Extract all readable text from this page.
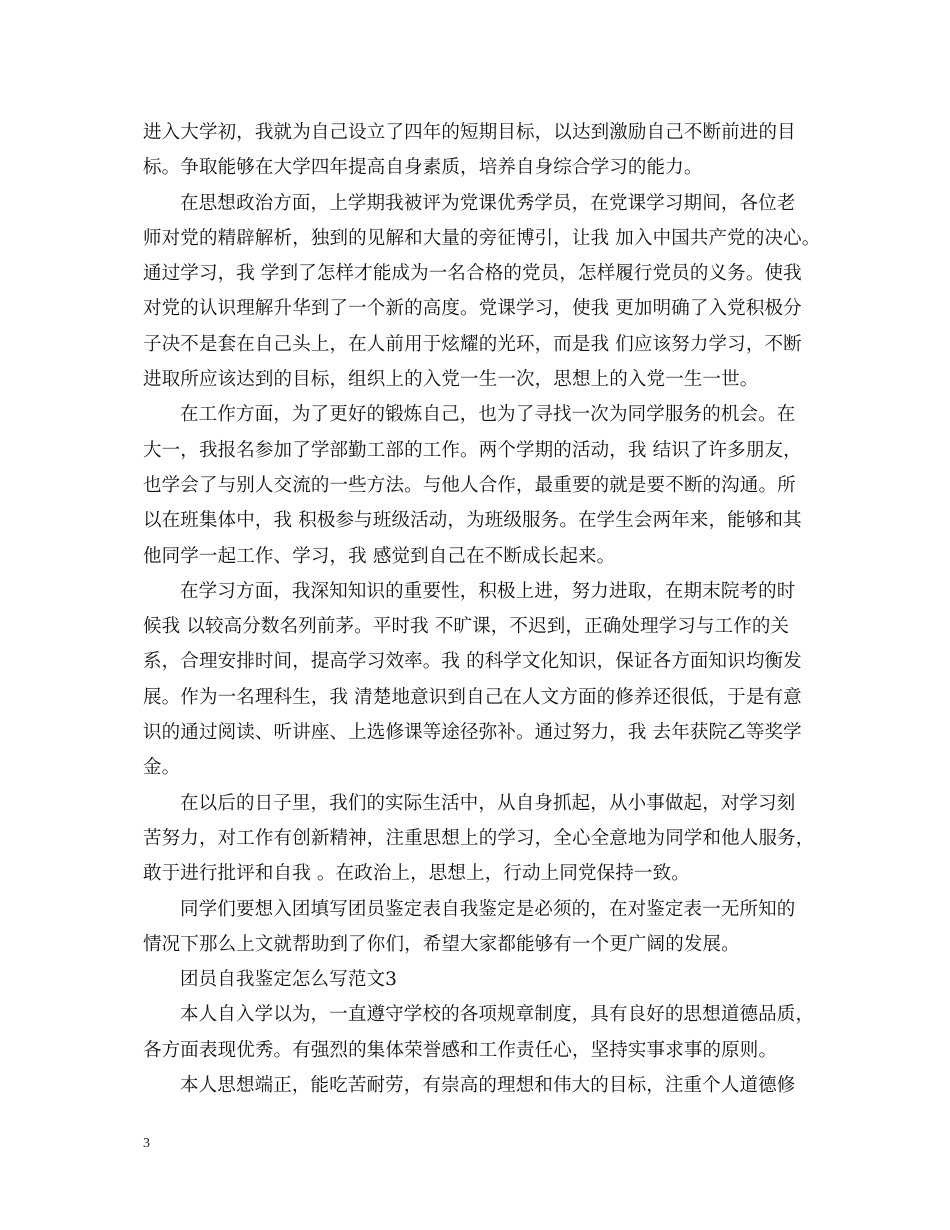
进入大学初，我就为自己设立了四年的短期目标，以达到激励自己不断前进的目
标。争取能够在大学四年提高自身素质，培养自身综合学习的能力。
在思想政治方面，上学期我被评为党课优秀学员，在党课学习期间，各位老
师对党的精辟解析，独到的见解和大量的旁征博引，让我 加入中国共产党的决心。
通过学习，我 学到了怎样才能成为一名合格的党员，怎样履行党员的义务。使我
对党的认识理解升华到了一个新的高度。党课学习，使我 更加明确了入党积极分
子决不是套在自己头上，在人前用于炫耀的光环，而是我 们应该努力学习，不断
进取所应该达到的目标，组织上的入党一生一次，思想上的入党一生一世。
在工作方面，为了更好的锻炼自己，也为了寻找一次为同学服务的机会。在
大一，我报名参加了学部勤工部的工作。两个学期的活动，我 结识了许多朋友，
也学会了与别人交流的一些方法。与他人合作，最重要的就是要不断的沟通。所
以在班集体中，我 积极参与班级活动，为班级服务。在学生会两年来，能够和其
他同学一起工作、学习，我 感觉到自己在不断成长起来。
在学习方面，我深知知识的重要性，积极上进，努力进取，在期末院考的时
候我 以较高分数名列前茅。平时我 不旷课，不迟到，正确处理学习与工作的关
系，合理安排时间，提高学习效率。我 的科学文化知识，保证各方面知识均衡发
展。作为一名理科生，我 清楚地意识到自己在人文方面的修养还很低，于是有意
识的通过阅读、听讲座、上选修课等途径弥补。通过努力，我 去年获院乙等奖学
金。
在以后的日子里，我们的实际生活中，从自身抓起，从小事做起，对学习刻
苦努力，对工作有创新精神，注重思想上的学习，全心全意地为同学和他人服务，
敢于进行批评和自我 。在政治上，思想上，行动上同党保持一致。
同学们要想入团填写团员鉴定表自我鉴定是必须的，在对鉴定表一无所知的
情况下那么上文就帮助到了你们，希望大家都能够有一个更广阔的发展。
团员自我鉴定怎么写范文3
本人自入学以为，一直遵守学校的各项规章制度，具有良好的思想道德品质，
各方面表现优秀。有强烈的集体荣誉感和工作责任心，坚持实事求事的原则。
本人思想端正，能吃苦耐劳，有崇高的理想和伟大的目标，注重个人道德修
3
